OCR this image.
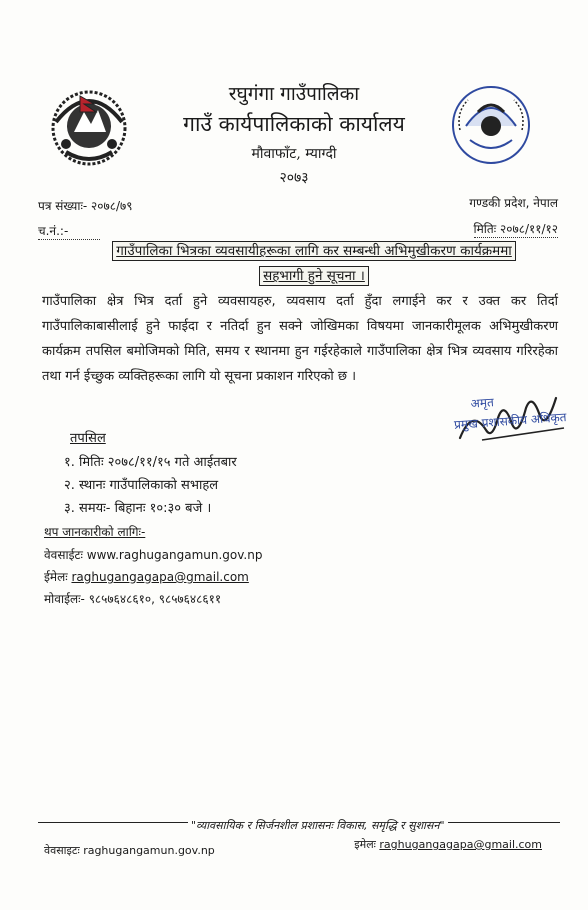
रघुगंगा गाउँपालिका
गाउँ कार्यपालिकाको कार्यालय
मौवाफाँट, म्याग्दी
२०७३
पत्र संख्याः- २०७८/७९
च.नं.:-
गण्डकी प्रदेश, नेपाल
मितिः २०७८/११/१२
गाउँपालिका भित्रका व्यवसायीहरूका लागि कर सम्बन्धी अभिमुखीकरण कार्यक्रममा
सहभागी हुने सूचना ।
गाउँपालिका क्षेत्र भित्र दर्ता हुने व्यवसायहरु, व्यवसाय दर्ता हुँदा लगाईने कर र उक्त कर तिर्दा गाउँपालिकाबासीलाई हुने फाईदा र नतिर्दा हुन सक्ने जोखिमका विषयमा जानकारीमूलक अभिमुखीकरण कार्यक्रम तपसिल बमोजिमको मिति, समय र स्थानमा हुन गईरहेकाले गाउँपालिका क्षेत्र भित्र व्यवसाय गरिरहेका तथा गर्न ईच्छुक व्यक्तिहरूका लागि यो सूचना प्रकाशन गरिएको छ ।
तपसिल
१. मितिः २०७८/११/१५ गते आईतबार
२. स्थानः गाउँपालिकाको सभाहल
३. समयः- बिहानः १०:३० बजे ।
अमृत
प्रमुख प्रशासकीय अधिकृत
थप जानकारीको लागिः-
वेवसाईटः www.raghugangamun.gov.np
ईमेलः raghugangagapa@gmail.com
मोवाईलः- ९८५७६४८६१०, ९८५७६४८६११
"व्यावसायिक र सिर्जनशील प्रशासनः विकास, समृद्धि र सुशासन"
वेवसाइटः raghugangamun.gov.np	इमेलः raghugangagapa@gmail.com
